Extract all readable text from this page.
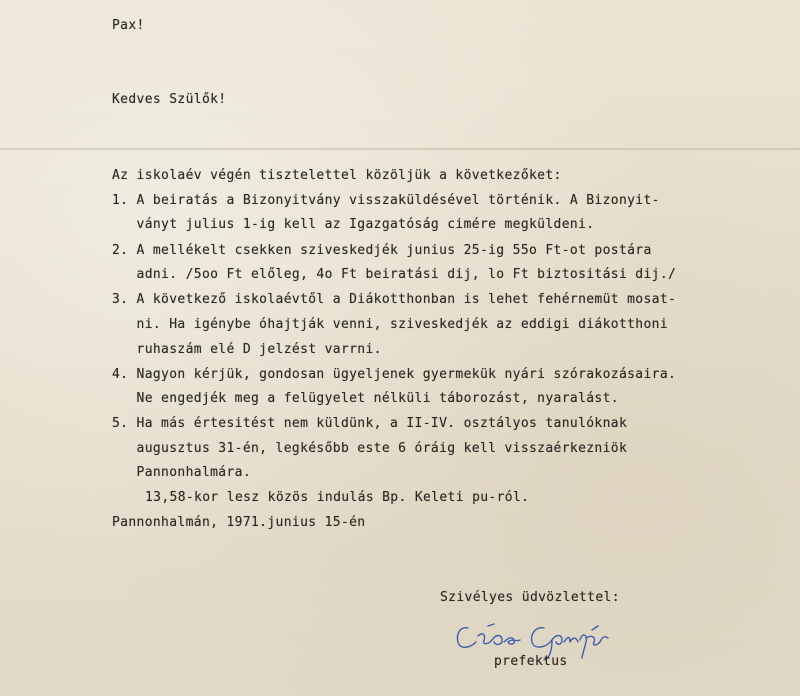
Pax!
Kedves Szülők!
Az iskolaév végén tisztelettel közöljük a következőket:
1. A beiratás a Bizonyitvány visszaküldésével történik. A Bizonyit-
ványt julius 1-ig kell az Igazgatóság cimére megküldeni.
2. A mellékelt csekken sziveskedjék junius 25-ig 55o Ft-ot postára
adni. /5oo Ft előleg, 4o Ft beiratási dij, lo Ft biztositási dij./
3. A következő iskolaévtől a Diákotthonban is lehet fehérnemüt mosat-
ni. Ha igénybe óhajtják venni, sziveskedjék az eddigi diákotthoni
ruhaszám elé D jelzést varrni.
4. Nagyon kérjük, gondosan ügyeljenek gyermekük nyári szórakozásaira.
Ne engedjék meg a felügyelet nélküli táborozást, nyaralást.
5. Ha más értesitést nem küldünk, a II-IV. osztályos tanulóknak
augusztus 31-én, legkésőbb este 6 óráig kell visszaérkezniök
Pannonhalmára.
13,58-kor lesz közös indulás Bp. Keleti pu-ról.
Pannonhalmán, 1971.junius 15-én
Szivélyes üdvözlettel:
prefektus
